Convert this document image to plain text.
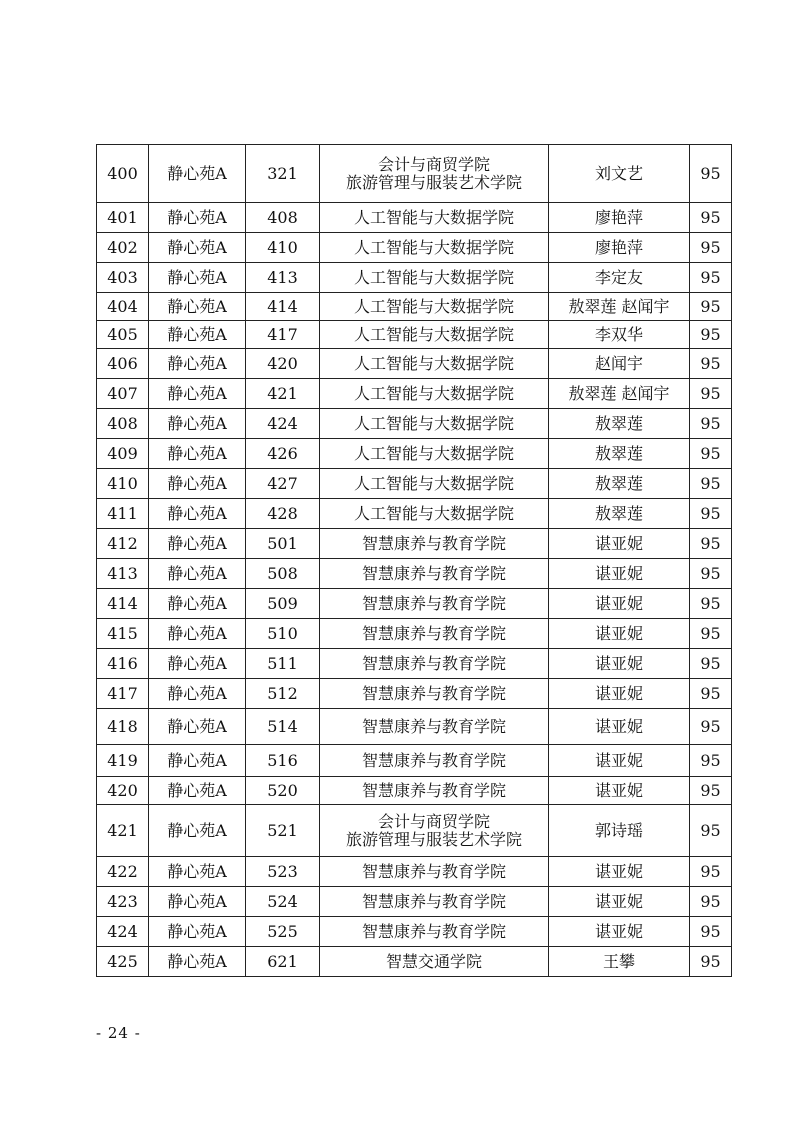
400	静心苑A	321	会计与商贸学院
旅游管理与服装艺术学院	刘文艺	95
401	静心苑A	408	人工智能与大数据学院	廖艳萍	95
402	静心苑A	410	人工智能与大数据学院	廖艳萍	95
403	静心苑A	413	人工智能与大数据学院	李定友	95
404	静心苑A	414	人工智能与大数据学院	敖翠莲 赵闻宇	95
405	静心苑A	417	人工智能与大数据学院	李双华	95
406	静心苑A	420	人工智能与大数据学院	赵闻宇	95
407	静心苑A	421	人工智能与大数据学院	敖翠莲 赵闻宇	95
408	静心苑A	424	人工智能与大数据学院	敖翠莲	95
409	静心苑A	426	人工智能与大数据学院	敖翠莲	95
410	静心苑A	427	人工智能与大数据学院	敖翠莲	95
411	静心苑A	428	人工智能与大数据学院	敖翠莲	95
412	静心苑A	501	智慧康养与教育学院	谌亚妮	95
413	静心苑A	508	智慧康养与教育学院	谌亚妮	95
414	静心苑A	509	智慧康养与教育学院	谌亚妮	95
415	静心苑A	510	智慧康养与教育学院	谌亚妮	95
416	静心苑A	511	智慧康养与教育学院	谌亚妮	95
417	静心苑A	512	智慧康养与教育学院	谌亚妮	95
418	静心苑A	514	智慧康养与教育学院	谌亚妮	95
419	静心苑A	516	智慧康养与教育学院	谌亚妮	95
420	静心苑A	520	智慧康养与教育学院	谌亚妮	95
421	静心苑A	521	会计与商贸学院
旅游管理与服装艺术学院	郭诗瑶	95
422	静心苑A	523	智慧康养与教育学院	谌亚妮	95
423	静心苑A	524	智慧康养与教育学院	谌亚妮	95
424	静心苑A	525	智慧康养与教育学院	谌亚妮	95
425	静心苑A	621	智慧交通学院	王攀	95
- 24 -
